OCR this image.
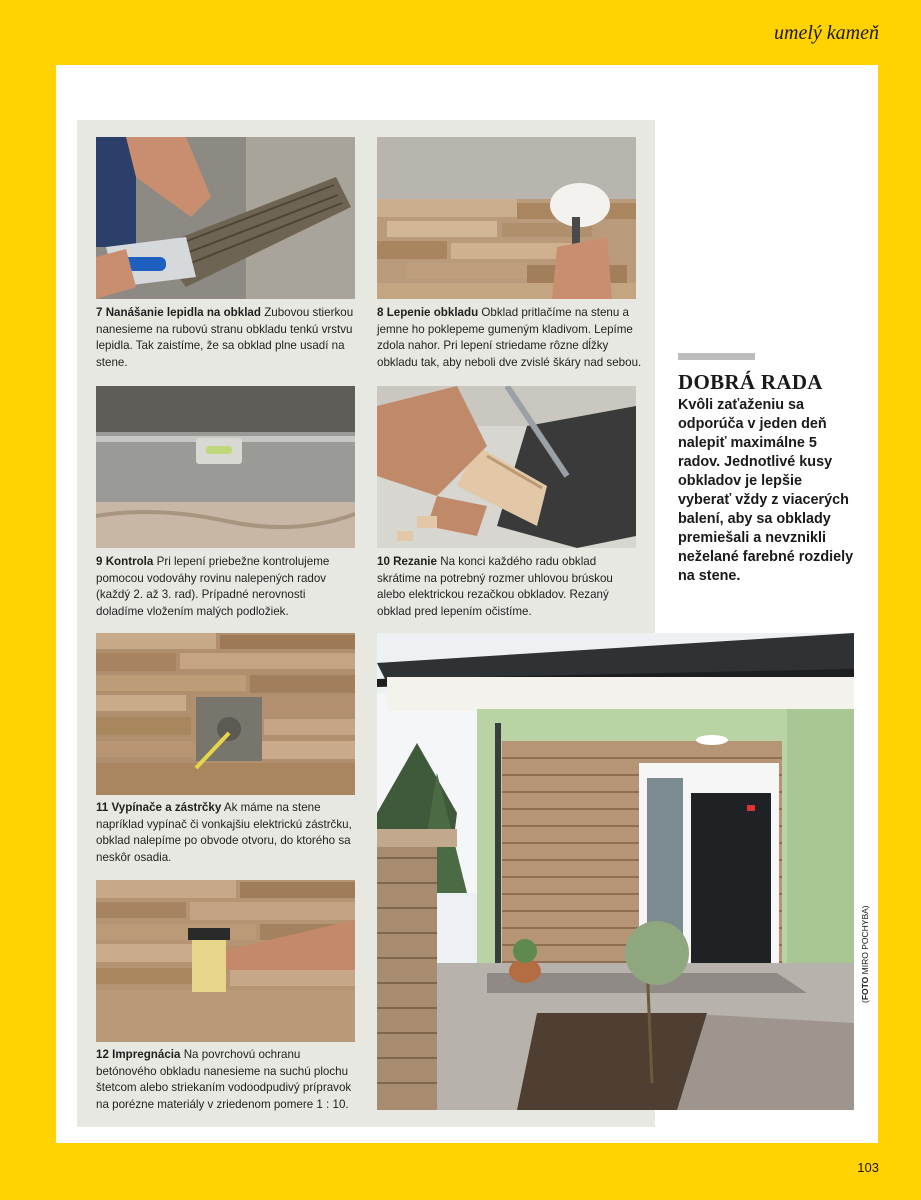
umelý kameň
7 Nanášanie lepidla na obklad Zubovou stierkou nanesieme na rubovú stranu obkladu tenkú vrstvu lepidla. Tak zaistíme, že sa obklad plne usadí na stene.
8 Lepenie obkladu Obklad pritlačíme na stenu a jemne ho poklepeme gumeným kladivom. Lepíme zdola nahor. Pri lepení striedame rôzne dĺžky obkladu tak, aby neboli dve zvislé škáry nad sebou.
9 Kontrola Pri lepení priebežne kontrolujeme pomocou vodováhy rovinu nalepených radov (každý 2. až 3. rad). Prípadné nerovnosti doladíme vložením malých podložiek.
10 Rezanie Na konci každého radu obklad skrátime na potrebný rozmer uhlovou brúskou alebo elektrickou rezačkou obkladov. Rezaný obklad pred lepením očistíme.
11 Vypínače a zástrčky Ak máme na stene napríklad vypínač či vonkajšiu elektrickú zástrčku, obklad nalepíme po obvode otvoru, do ktorého sa neskôr osadia.
12 Impregnácia Na povrchovú ochranu betónového obkladu nanesieme na suchú plochu štetcom alebo striekaním vodoodpudivý prípravok na porézne materiály v zriedenom pomere 1 : 10.
DOBRÁ RADA
Kvôli zaťaženiu sa odporúča v jeden deň nalepiť maximálne 5 radov. Jednotlivé kusy obkladov je lepšie vyberať vždy z viacerých balení, aby sa obklady premiešali a nevznikli neželané farebné rozdiely na stene.
(FOTO MIRO POCHYBA)
103
